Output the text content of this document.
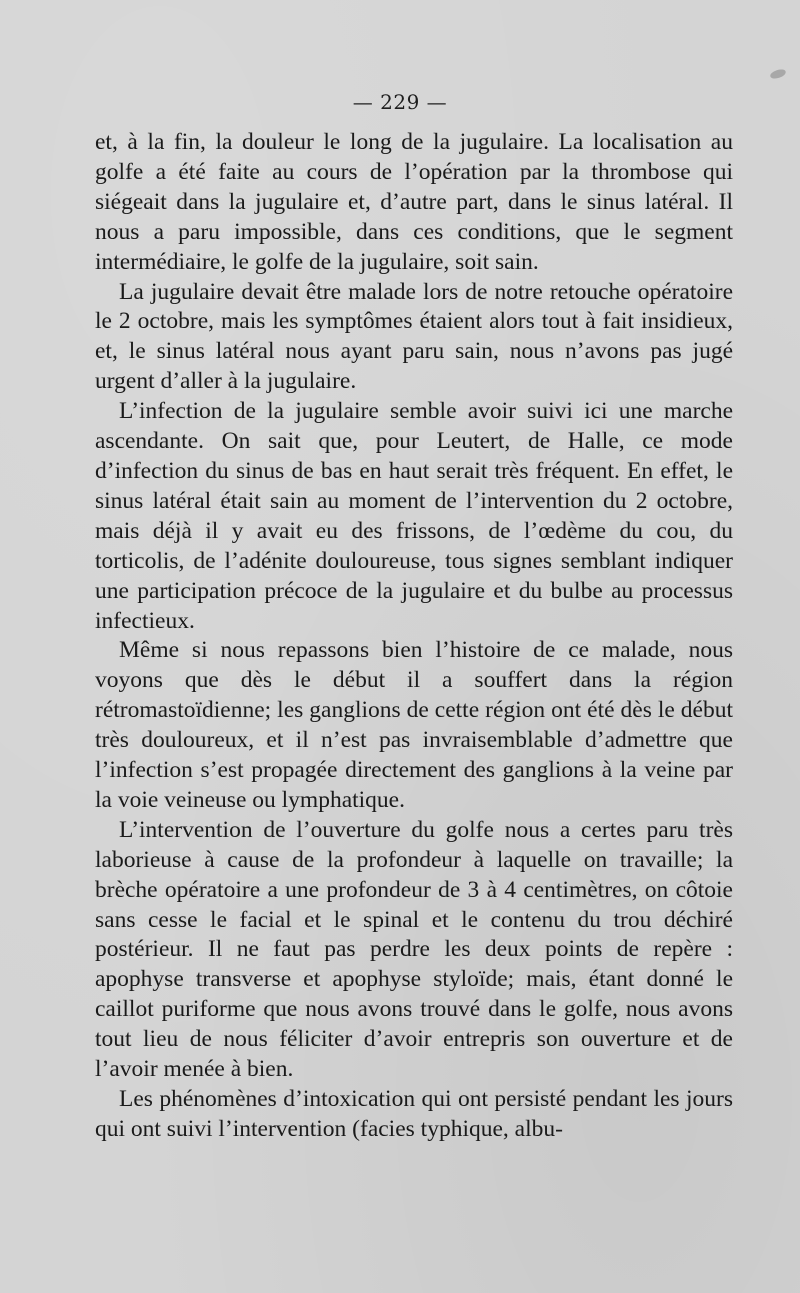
— 229 —

et, à la fin, la douleur le long de la jugulaire. La localisation au golfe a été faite au cours de l’opération par la thrombose qui siégeait dans la jugulaire et, d’autre part, dans le sinus latéral. Il nous a paru impossible, dans ces conditions, que le segment intermédiaire, le golfe de la jugulaire, soit sain.

La jugulaire devait être malade lors de notre retouche opératoire le 2 octobre, mais les symptômes étaient alors tout à fait insidieux, et, le sinus latéral nous ayant paru sain, nous n’avons pas jugé urgent d’aller à la jugulaire.

L’infection de la jugulaire semble avoir suivi ici une marche ascendante. On sait que, pour Leutert, de Halle, ce mode d’infection du sinus de bas en haut serait très fréquent. En effet, le sinus latéral était sain au moment de l’intervention du 2 octobre, mais déjà il y avait eu des frissons, de l’œdème du cou, du torticolis, de l’adénite douloureuse, tous signes semblant indiquer une participation précoce de la jugulaire et du bulbe au processus infectieux.

Même si nous repassons bien l’histoire de ce malade, nous voyons que dès le début il a souffert dans la région rétromastoïdienne; les ganglions de cette région ont été dès le début très douloureux, et il n’est pas invraisemblable d’admettre que l’infection s’est propagée directement des ganglions à la veine par la voie veineuse ou lymphatique.

L’intervention de l’ouverture du golfe nous a certes paru très laborieuse à cause de la profondeur à laquelle on travaille; la brèche opératoire a une profondeur de 3 à 4 centimètres, on côtoie sans cesse le facial et le spinal et le contenu du trou déchiré postérieur. Il ne faut pas perdre les deux points de repère : apophyse transverse et apophyse styloïde; mais, étant donné le caillot puriforme que nous avons trouvé dans le golfe, nous avons tout lieu de nous féliciter d’avoir entrepris son ouverture et de l’avoir menée à bien.

Les phénomènes d’intoxication qui ont persisté pendant les jours qui ont suivi l’intervention (facies typhique, albu-
